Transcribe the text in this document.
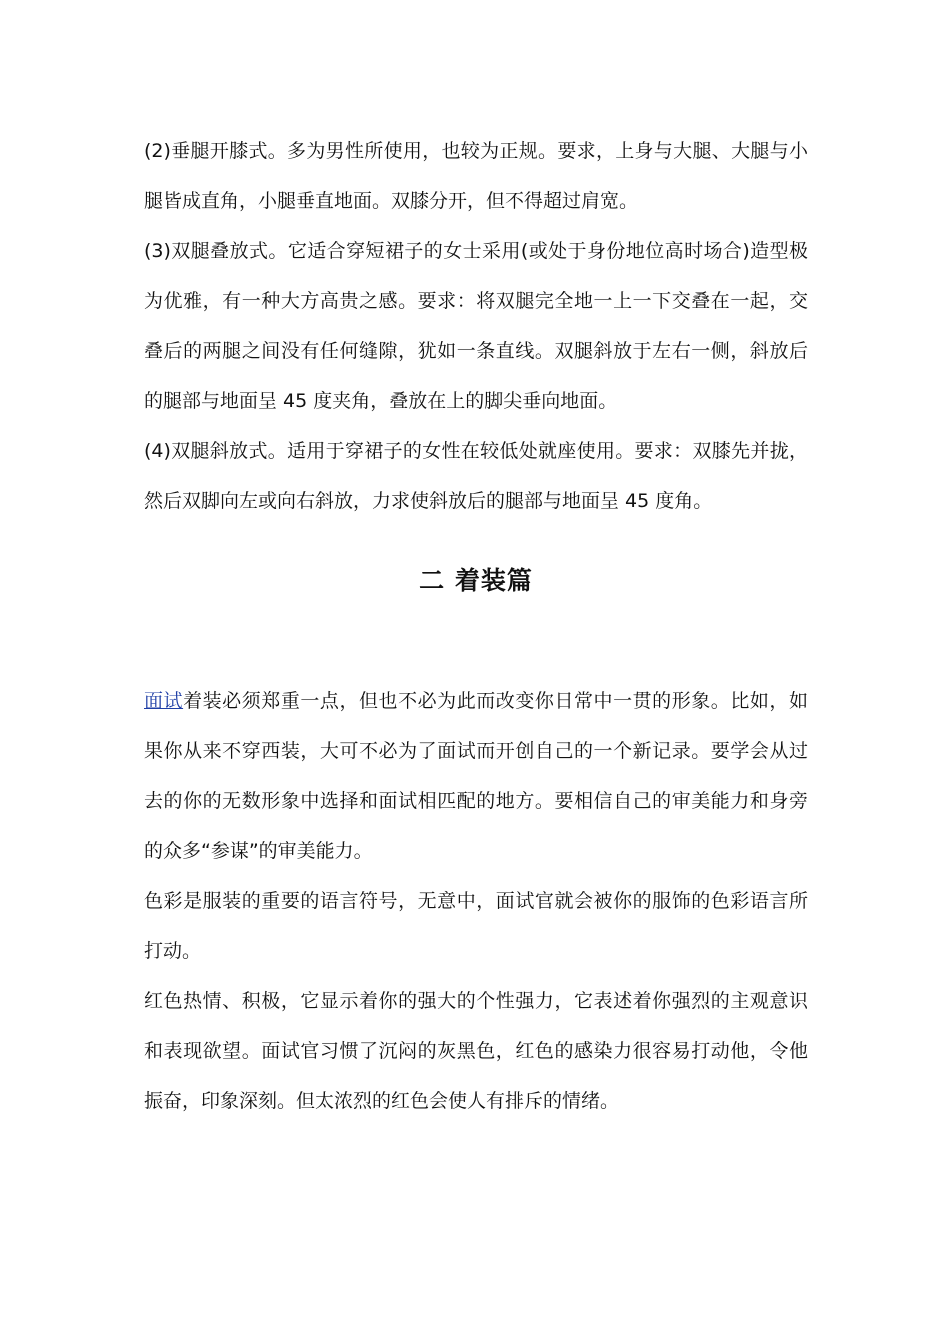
(2)垂腿开膝式。多为男性所使用，也较为正规。要求，上身与大腿、大腿与小腿皆成直角，小腿垂直地面。双膝分开，但不得超过肩宽。

(3)双腿叠放式。它适合穿短裙子的女士采用(或处于身份地位高时场合)造型极为优雅，有一种大方高贵之感。要求：将双腿完全地一上一下交叠在一起，交叠后的两腿之间没有任何缝隙，犹如一条直线。双腿斜放于左右一侧，斜放后的腿部与地面呈 45 度夹角，叠放在上的脚尖垂向地面。

(4)双腿斜放式。适用于穿裙子的女性在较低处就座使用。要求：双膝先并拢，然后双脚向左或向右斜放，力求使斜放后的腿部与地面呈 45 度角。

二 着装篇

面试着装必须郑重一点，但也不必为此而改变你日常中一贯的形象。比如，如果你从来不穿西装，大可不必为了面试而开创自己的一个新记录。要学会从过去的你的无数形象中选择和面试相匹配的地方。要相信自己的审美能力和身旁的众多“参谋”的审美能力。

色彩是服装的重要的语言符号，无意中，面试官就会被你的服饰的色彩语言所打动。

红色热情、积极，它显示着你的强大的个性强力，它表述着你强烈的主观意识和表现欲望。面试官习惯了沉闷的灰黑色，红色的感染力很容易打动他，令他振奋，印象深刻。但太浓烈的红色会使人有排斥的情绪。
